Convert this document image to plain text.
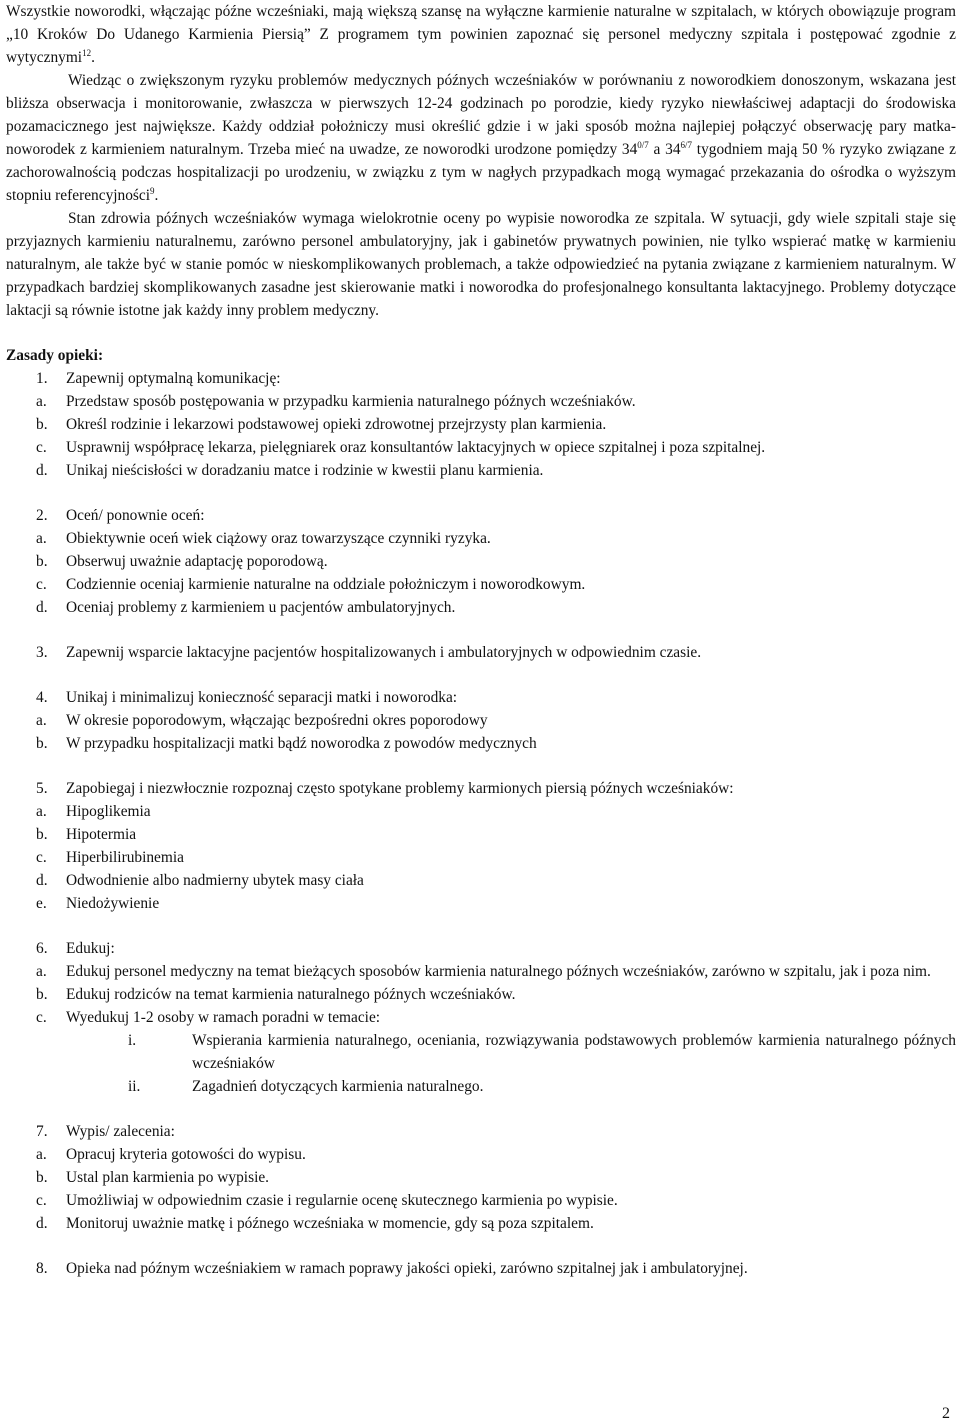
Wszystkie noworodki, włączając późne wcześniaki, mają większą szansę na wyłączne karmienie naturalne w szpitalach, w których obowiązuje program „10 Kroków Do Udanego Karmienia Piersią” Z programem tym powinien zapoznać się personel medyczny szpitala i postępować zgodnie z wytycznymi$^{12}$.

Wiedząc o zwiększonym ryzyku problemów medycznych późnych wcześniaków w porównaniu z noworodkiem donoszonym, wskazana jest bliższa obserwacja i monitorowanie, zwłaszcza w pierwszych 12-24 godzinach po porodzie, kiedy ryzyko niewłaściwej adaptacji do środowiska pozamacicznego jest największe. Każdy oddział położniczy musi określić gdzie i w jaki sposób można najlepiej połączyć obserwację pary matka-noworodek z karmieniem naturalnym. Trzeba mieć na uwadze, ze noworodki urodzone pomiędzy $34^{0/7}$ a $34^{6/7}$ tygodniem mają 50 % ryzyko związane z zachorowalnością podczas hospitalizacji po urodzeniu, w związku z tym w nagłych przypadkach mogą wymagać przekazania do ośrodka o wyższym stopniu referencyjności$^9$.

Stan zdrowia późnych wcześniaków wymaga wielokrotnie oceny po wypisie noworodka ze szpitala. W sytuacji, gdy wiele szpitali staje się przyjaznych karmieniu naturalnemu, zarówno personel ambulatoryjny, jak i gabinetów prywatnych powinien, nie tylko wspierać matkę w karmieniu naturalnym, ale także być w stanie pomóc w nieskomplikowanych problemach, a także odpowiedzieć na pytania związane z karmieniem naturalnym. W przypadkach bardziej skomplikowanych zasadne jest skierowanie matki i noworodka do profesjonalnego konsultanta laktacyjnego. Problemy dotyczące laktacji są równie istotne jak każdy inny problem medyczny.

Zasady opieki:
1.	Zapewnij optymalną komunikację:
a.	Przedstaw sposób postępowania w przypadku karmienia naturalnego późnych wcześniaków.
b.	Określ rodzinie i lekarzowi podstawowej opieki zdrowotnej przejrzysty plan karmienia.
c.	Usprawnij współpracę lekarza, pielęgniarek oraz konsultantów laktacyjnych w opiece szpitalnej i poza szpitalnej.
d.	Unikaj nieścisłości w doradzaniu matce i rodzinie w kwestii planu karmienia.
2.	Oceń/ ponownie oceń:
a.	Obiektywnie oceń wiek ciążowy oraz towarzyszące czynniki ryzyka.
b.	Obserwuj uważnie adaptację poporodową.
c.	Codziennie oceniaj karmienie naturalne na oddziale położniczym i noworodkowym.
d.	Oceniaj problemy z karmieniem u pacjentów ambulatoryjnych.
3.	Zapewnij wsparcie laktacyjne pacjentów hospitalizowanych i ambulatoryjnych w odpowiednim czasie.
4.	Unikaj i minimalizuj konieczność separacji matki i noworodka:
a.	W okresie poporodowym, włączając bezpośredni okres poporodowy
b.	W przypadku hospitalizacji matki bądź noworodka z powodów medycznych
5.	Zapobiegaj i niezwłocznie rozpoznaj często spotykane problemy karmionych piersią późnych wcześniaków:
a.	Hipoglikemia
b.	Hipotermia
c.	Hiperbilirubinemia
d.	Odwodnienie albo nadmierny ubytek masy ciała
e.	Niedożywienie
6.	Edukuj:
a.	Edukuj personel medyczny na temat bieżących sposobów karmienia naturalnego późnych wcześniaków, zarówno w szpitalu, jak i poza nim.
b.	Edukuj rodziców na temat karmienia naturalnego późnych wcześniaków.
c.	Wyedukuj 1-2 osoby w ramach poradni w temacie:
i.	Wspierania karmienia naturalnego, oceniania, rozwiązywania podstawowych problemów karmienia naturalnego późnych wcześniaków
ii.	Zagadnień dotyczących karmienia naturalnego.
7.	Wypis/ zalecenia:
a.	Opracuj kryteria gotowości do wypisu.
b.	Ustal plan karmienia po wypisie.
c.	Umożliwiaj w odpowiednim czasie i regularnie ocenę skutecznego karmienia po wypisie.
d.	Monitoruj uważnie matkę i późnego wcześniaka w momencie, gdy są poza szpitalem.
8.	Opieka nad późnym wcześniakiem w ramach poprawy jakości opieki, zarówno szpitalnej jak i ambulatoryjnej.
2
